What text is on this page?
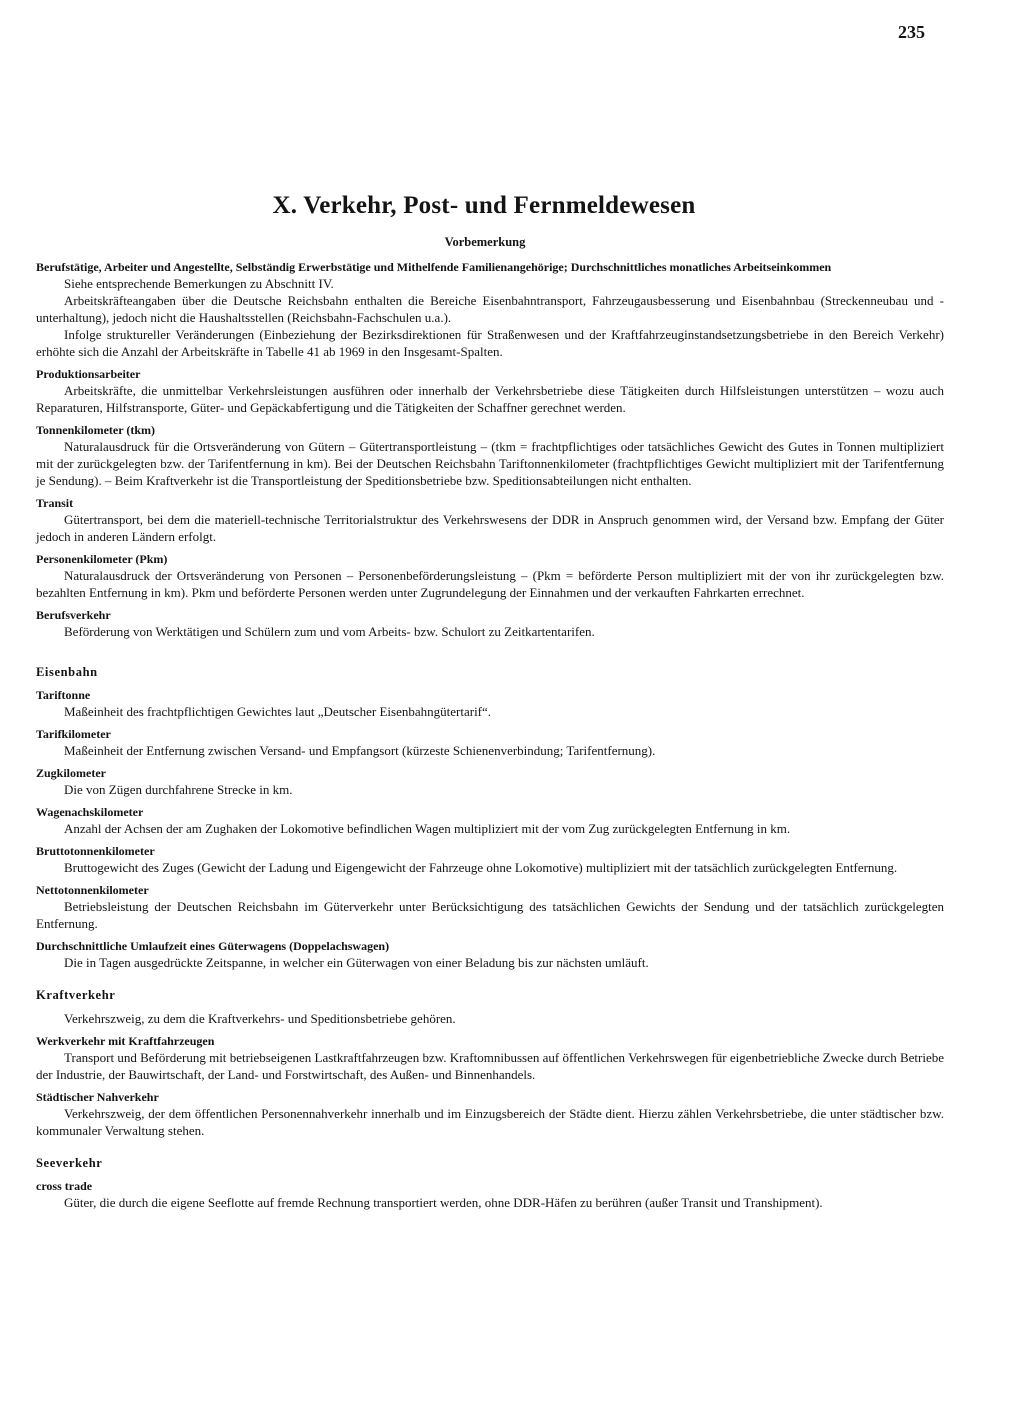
235
X. Verkehr, Post- und Fernmeldewesen
Vorbemerkung
Berufstätige, Arbeiter und Angestellte, Selbständig Erwerbstätige und Mithelfende Familienangehörige; Durchschnittliches monatliches Arbeitseinkommen

Siehe entsprechende Bemerkungen zu Abschnitt IV.

Arbeitskräfteangaben über die Deutsche Reichsbahn enthalten die Bereiche Eisenbahntransport, Fahrzeugausbesserung und Eisenbahnbau (Streckenneubau und -unterhaltung), jedoch nicht die Haushaltsstellen (Reichsbahn-Fachschulen u.a.).

Infolge struktureller Veränderungen (Einbeziehung der Bezirksdirektionen für Straßenwesen und der Kraftfahrzeuginstandsetzungsbetriebe in den Bereich Verkehr) erhöhte sich die Anzahl der Arbeitskräfte in Tabelle 41 ab 1969 in den Insgesamt-Spalten.

Produktionsarbeiter

Arbeitskräfte, die unmittelbar Verkehrsleistungen ausführen oder innerhalb der Verkehrsbetriebe diese Tätigkeiten durch Hilfsleistungen unterstützen – wozu auch Reparaturen, Hilfstransporte, Güter- und Gepäckabfertigung und die Tätigkeiten der Schaffner gerechnet werden.

Tonnenkilometer (tkm)

Naturalausdruck für die Ortsveränderung von Gütern – Gütertransportleistung – (tkm = frachtpflichtiges oder tatsächliches Gewicht des Gutes in Tonnen multipliziert mit der zurückgelegten bzw. der Tarifentfernung in km). Bei der Deutschen Reichsbahn Tariftonnenkilometer (frachtpflichtiges Gewicht multipliziert mit der Tarifentfernung je Sendung). – Beim Kraftverkehr ist die Transportleistung der Speditionsbetriebe bzw. Speditionsabteilungen nicht enthalten.

Transit

Gütertransport, bei dem die materiell-technische Territorialstruktur des Verkehrswesens der DDR in Anspruch genommen wird, der Versand bzw. Empfang der Güter jedoch in anderen Ländern erfolgt.

Personenkilometer (Pkm)

Naturalausdruck der Ortsveränderung von Personen – Personenbeförderungsleistung – (Pkm = beförderte Person multipliziert mit der von ihr zurückgelegten bzw. bezahlten Entfernung in km). Pkm und beförderte Personen werden unter Zugrundelegung der Einnahmen und der verkauften Fahrkarten errechnet.

Berufsverkehr

Beförderung von Werktätigen und Schülern zum und vom Arbeits- bzw. Schulort zu Zeitkartentarifen.

Eisenbahn
Tariftonne

Maßeinheit des frachtpflichtigen Gewichtes laut „Deutscher Eisenbahngütertarif“.

Tarifkilometer

Maßeinheit der Entfernung zwischen Versand- und Empfangsort (kürzeste Schienenverbindung; Tarifentfernung).

Zugkilometer

Die von Zügen durchfahrene Strecke in km.

Wagenachskilometer

Anzahl der Achsen der am Zughaken der Lokomotive befindlichen Wagen multipliziert mit der vom Zug zurückgelegten Entfernung in km.

Bruttotonnenkilometer

Bruttogewicht des Zuges (Gewicht der Ladung und Eigengewicht der Fahrzeuge ohne Lokomotive) multipliziert mit der tatsächlich zurückgelegten Entfernung.

Nettotonnenkilometer

Betriebsleistung der Deutschen Reichsbahn im Güterverkehr unter Berücksichtigung des tatsächlichen Gewichts der Sendung und der tatsächlich zurückgelegten Entfernung.

Durchschnittliche Umlaufzeit eines Güterwagens (Doppelachswagen)

Die in Tagen ausgedrückte Zeitspanne, in welcher ein Güterwagen von einer Beladung bis zur nächsten umläuft.

Kraftverkehr

Verkehrszweig, zu dem die Kraftverkehrs- und Speditionsbetriebe gehören.

Werkverkehr mit Kraftfahrzeugen

Transport und Beförderung mit betriebseigenen Lastkraftfahrzeugen bzw. Kraftomnibussen auf öffentlichen Verkehrswegen für eigenbetriebliche Zwecke durch Betriebe der Industrie, der Bauwirtschaft, der Land- und Forstwirtschaft, des Außen- und Binnenhandels.

Städtischer Nahverkehr

Verkehrszweig, der dem öffentlichen Personennahverkehr innerhalb und im Einzugsbereich der Städte dient. Hierzu zählen Verkehrsbetriebe, die unter städtischer bzw. kommunaler Verwaltung stehen.

Seeverkehr
cross trade

Güter, die durch die eigene Seeflotte auf fremde Rechnung transportiert werden, ohne DDR-Häfen zu berühren (außer Transit und Transhipment).
